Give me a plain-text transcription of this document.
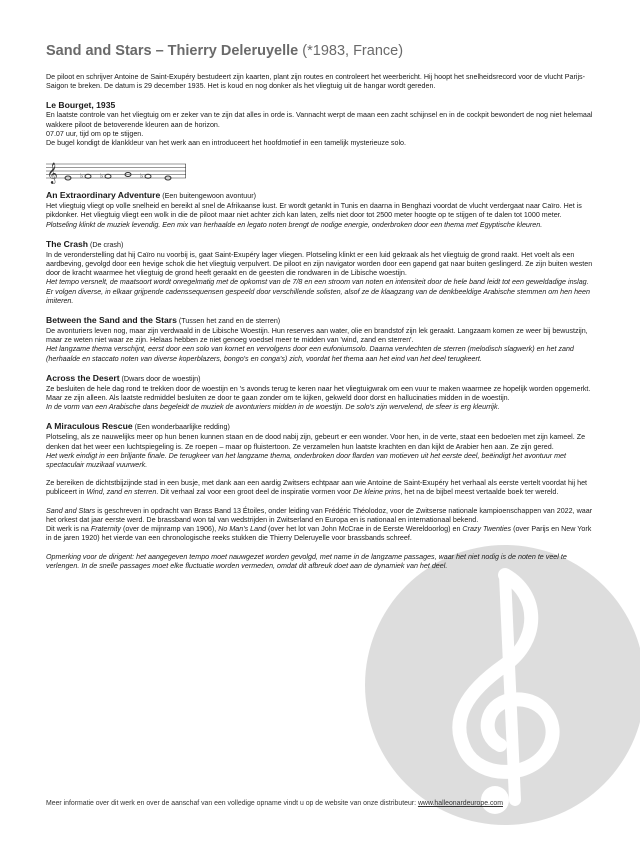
Sand and Stars – Thierry Deleruyelle (*1983, France)

De piloot en schrijver Antoine de Saint-Exupéry bestudeert zijn kaarten, plant zijn routes en controleert het weerbericht. Hij hoopt het snelheidsrecord voor de vlucht Parijs-Saigon te breken. De datum is 29 december 1935. Het is koud en nog donker als het vliegtuig uit de hangar wordt gereden.

Le Bourget, 1935

En laatste controle van het vliegtuig om er zeker van te zijn dat alles in orde is. Vannacht werpt de maan een zacht schijnsel en in de cockpit bewondert de nog niet helemaal wakkere piloot de betoverende kleuren aan de horizon.

07.07 uur, tijd om op te stijgen.

De bugel kondigt de klankkleur van het werk aan en introduceert het hoofdmotief in een tamelijk mysterieuze solo.

𝄞	♭ ♭	♭

An Extraordinary Adventure (Een buitengewoon avontuur)

Het vliegtuig vliegt op volle snelheid en bereikt al snel de Afrikaanse kust. Er wordt getankt in Tunis en daarna in Benghazi voordat de vlucht verdergaat naar Caïro. Het is pikdonker. Het vliegtuig vliegt een wolk in die de piloot maar niet achter zich kan laten, zelfs niet door tot 2500 meter hoogte op te stijgen of te dalen tot 1000 meter.

Plotseling klinkt de muziek levendig. Een mix van herhaalde en legato noten brengt de nodige energie, onderbroken door een thema met Egyptische kleuren.

The Crash (De crash)

In de veronderstelling dat hij Caïro nu voorbij is, gaat Saint-Exupéry lager vliegen. Plotseling klinkt er een luid gekraak als het vliegtuig de grond raakt. Het voelt als een aardbeving, gevolgd door een hevige schok die het vliegtuig verpulvert. De piloot en zijn navigator worden door een gapend gat naar buiten geslingerd. Ze zijn buiten westen door de kracht waarmee het vliegtuig de grond heeft geraakt en de geesten die rondwaren in de Libische woestijn.

Het tempo versnelt, de maatsoort wordt onregelmatig met de opkomst van de 7/8 en een stroom van noten en intensiteit door de hele band leidt tot een geweldadige inslag. Er volgen diverse, in elkaar grijpende cadenssequensen gespeeld door verschillende solisten, alsof ze de klaagzang van de denkbeeldige Arabische stemmen om hen heen imiteren.

Between the Sand and the Stars (Tussen het zand en de sterren)

De avonturiers leven nog, maar zijn verdwaald in de Libische Woestijn. Hun reserves aan water, olie en brandstof zijn lek geraakt. Langzaam komen ze weer bij bewustzijn, maar ze weten niet waar ze zijn. Helaas hebben ze niet genoeg voedsel meer te midden van 'wind, zand en sterren'.

Het langzame thema verschijnt, eerst door een solo van kornet en vervolgens door een eufoniumsolo. Daarna vervlechten de sterren (melodisch slagwerk) en het zand (herhaalde en staccato noten van diverse koperblazers, bongo's en conga's) zich, voordat het thema aan het eind van het deel terugkeert.

Across the Desert (Dwars door de woestijn)

Ze besluiten de hele dag rond te trekken door de woestijn en 's avonds terug te keren naar het vliegtuigwrak om een vuur te maken waarmee ze hopelijk worden opgemerkt. Maar ze zijn alleen. Als laatste redmiddel besluiten ze door te gaan zonder om te kijken, gekweld door dorst en hallucinaties midden in de woestijn.

In de vorm van een Arabische dans begeleidt de muziek de avonturiers midden in de woestijn. De solo's zijn wervelend, de sfeer is erg kleurrijk.

A Miraculous Rescue (Een wonderbaarlijke redding)

Plotseling, als ze nauwelijks meer op hun benen kunnen staan en de dood nabij zijn, gebeurt er een wonder. Voor hen, in de verte, staat een bedoeïen met zijn kameel. Ze denken dat het weer een luchtspiegeling is. Ze roepen – maar op fluistertoon. Ze verzamelen hun laatste krachten en dan kijkt de Arabier hen aan. Ze zijn gered.

Het werk eindigt in een briljante finale. De terugkeer van het langzame thema, onderbroken door flarden van motieven uit het eerste deel, beëindigt het avontuur met spectaculair muzikaal vuurwerk.

Ze bereiken de dichtstbijzijnde stad in een busje, met dank aan een aardig Zwitsers echtpaar aan wie Antoine de Saint-Exupéry het verhaal als eerste vertelt voordat hij het publiceert in Wind, zand en sterren. Dit verhaal zal voor een groot deel de inspiratie vormen voor De kleine prins, het na de bijbel meest vertaalde boek ter wereld.

Sand and Stars is geschreven in opdracht van Brass Band 13 Étoiles, onder leiding van Frédéric Théolodoz, voor de Zwitserse nationale kampioenschappen van 2022, waar het orkest dat jaar eerste werd. De brassband won tal van wedstrijden in Zwitserland en Europa en is nationaal en internationaal bekend.

Dit werk is na Fraternity (over de mijnramp van 1906), No Man's Land (over het lot van John McCrae in de Eerste Wereldoorlog) en Crazy Twenties (over Parijs en New York in de jaren 1920) het vierde van een chronologische reeks stukken die Thierry Deleruyelle voor brassbands schreef.

Opmerking voor de dirigent: het aangegeven tempo moet nauwgezet worden gevolgd, met name in de langzame passages, waar het niet nodig is de noten te veel te verlengen. In de snelle passages moet elke fluctuatie worden vermeden, omdat dit afbreuk doet aan de dynamiek van het deel.

Meer informatie over dit werk en over de aanschaf van een volledige opname vindt u op de website van onze distributeur: www.halleonardeurope.com
